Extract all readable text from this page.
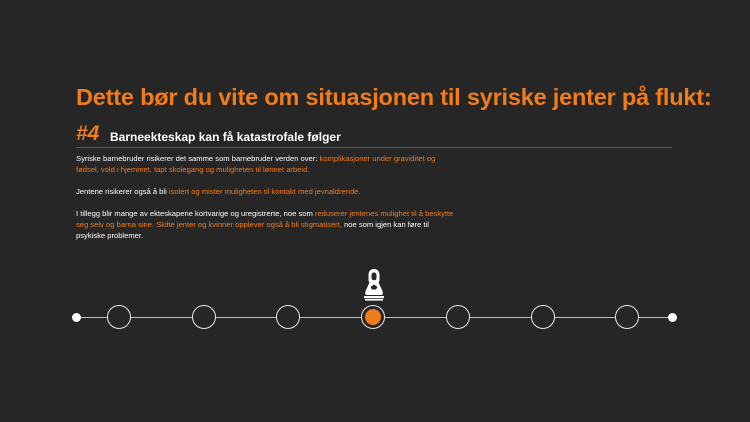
Dette bør du vite om situasjonen til syriske jenter på flukt:
#4 Barneekteskap kan få katastrofale følger

Syriske barnebruder risikerer det samme som barnebruder verden over: komplikasjoner under graviditet og fødsel, vold i hjemmet, tapt skolegang og muligheten til lønnet arbeid.

Jentene risikerer også å bli isolert og mister muligheten til kontakt med jevnaldrende.

I tillegg blir mange av ekteskapene kortvarige og uregistrerte, noe som reduserer jentenes mulighet til å beskytte seg selv og barna sine. Skilte jenter og kvinner opplever også å bli stigmatisert, noe som igjen kan føre til psykiske problemer.
